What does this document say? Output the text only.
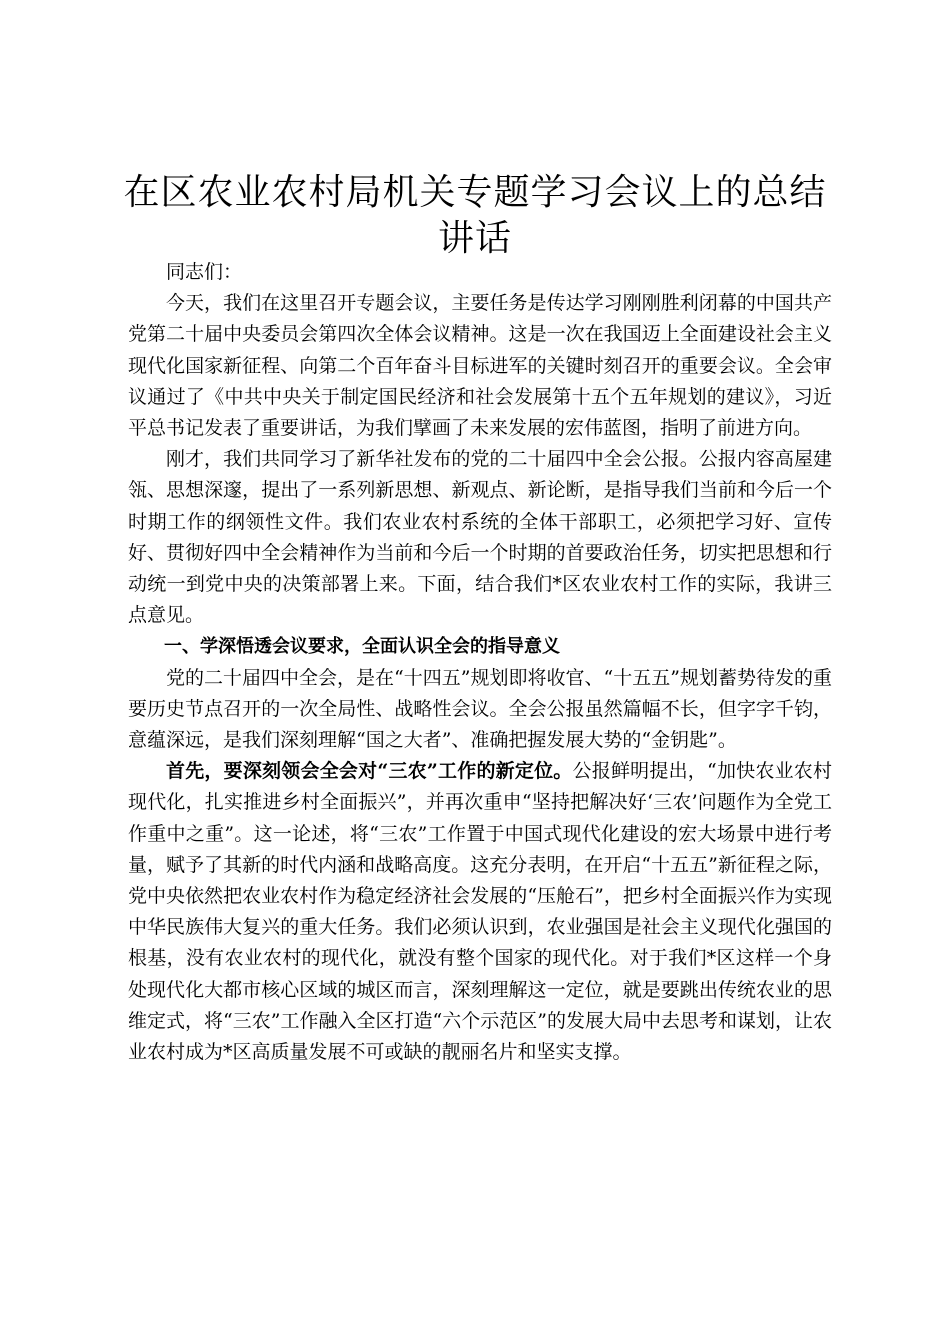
在区农业农村局机关专题学习会议上的总结讲话

同志们：

今天，我们在这里召开专题会议，主要任务是传达学习刚刚胜利闭幕的中国共产党第二十届中央委员会第四次全体会议精神。这是一次在我国迈上全面建设社会主义现代化国家新征程、向第二个百年奋斗目标进军的关键时刻召开的重要会议。全会审议通过了《中共中央关于制定国民经济和社会发展第十五个五年规划的建议》，习近平总书记发表了重要讲话，为我们擘画了未来发展的宏伟蓝图，指明了前进方向。

刚才，我们共同学习了新华社发布的党的二十届四中全会公报。公报内容高屋建瓴、思想深邃，提出了一系列新思想、新观点、新论断，是指导我们当前和今后一个时期工作的纲领性文件。我们农业农村系统的全体干部职工，必须把学习好、宣传好、贯彻好四中全会精神作为当前和今后一个时期的首要政治任务，切实把思想和行动统一到党中央的决策部署上来。下面，结合我们*区农业农村工作的实际，我讲三点意见。

一、学深悟透会议要求，全面认识全会的指导意义

党的二十届四中全会，是在“十四五”规划即将收官、“十五五”规划蓄势待发的重要历史节点召开的一次全局性、战略性会议。全会公报虽然篇幅不长，但字字千钧，意蕴深远，是我们深刻理解“国之大者”、准确把握发展大势的“金钥匙”。

首先，要深刻领会全会对“三农”工作的新定位。公报鲜明提出，“加快农业农村现代化，扎实推进乡村全面振兴”，并再次重申“坚持把解决好‘三农’问题作为全党工作重中之重”。这一论述，将“三农”工作置于中国式现代化建设的宏大场景中进行考量，赋予了其新的时代内涵和战略高度。这充分表明，在开启“十五五”新征程之际，党中央依然把农业农村作为稳定经济社会发展的“压舱石”，把乡村全面振兴作为实现中华民族伟大复兴的重大任务。我们必须认识到，农业强国是社会主义现代化强国的根基，没有农业农村的现代化，就没有整个国家的现代化。对于我们*区这样一个身处现代化大都市核心区域的城区而言，深刻理解这一定位，就是要跳出传统农业的思维定式，将“三农”工作融入全区打造“六个示范区”的发展大局中去思考和谋划，让农业农村成为*区高质量发展不可或缺的靓丽名片和坚实支撑。
